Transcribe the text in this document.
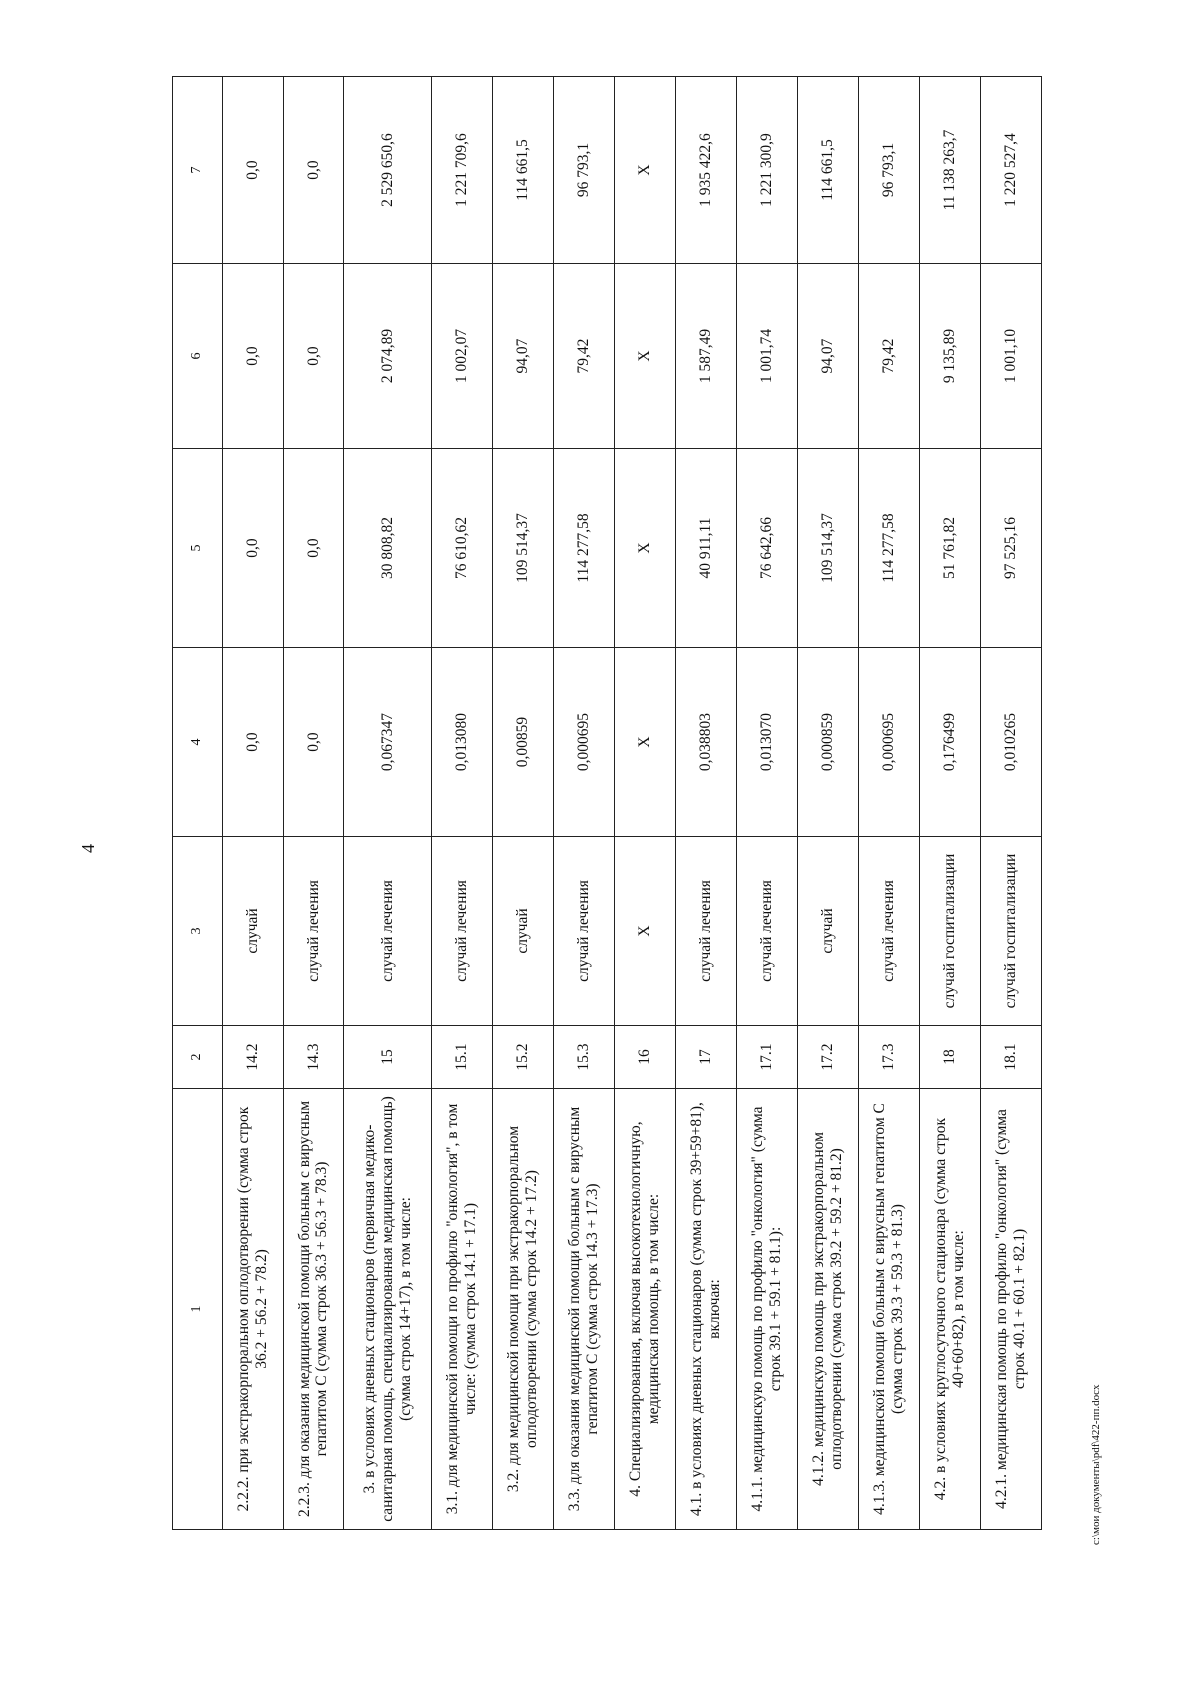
4
1	2	3	4	5	6	7
2.2.2. при экстракорпоральном оплодотворении (сумма строк 36.2 + 56.2 + 78.2)	14.2	случай	0,0	0,0	0,0	0,0
2.2.3. для оказания медицинской помощи больным с вирусным гепатитом С (сумма строк 36.3 + 56.3 + 78.3)	14.3	случай лечения	0,0	0,0	0,0	0,0
3. в условиях дневных стационаров (первичная медико-санитарная помощь, специализированная медицинская помощь) (сумма строк 14+17), в том числе:	15	случай лечения	0,067347	30 808,82	2 074,89	2 529 650,6
3.1. для медицинской помощи по профилю "онкология", в том числе: (сумма строк 14.1 + 17.1)	15.1	случай лечения	0,013080	76 610,62	1 002,07	1 221 709,6
3.2. для медицинской помощи при экстракорпоральном оплодотворении (сумма строк 14.2 + 17.2)	15.2	случай	0,00859	109 514,37	94,07	114 661,5
3.3. для оказания медицинской помощи больным с вирусным гепатитом С (сумма строк 14.3 + 17.3)	15.3	случай лечения	0,000695	114 277,58	79,42	96 793,1
4. Специализированная, включая высокотехнологичную, медицинская помощь, в том числе:	16	Х	Х	Х	Х	Х
4.1. в условиях дневных стационаров (сумма строк 39+59+81), включая:	17	случай лечения	0,038803	40 911,11	1 587,49	1 935 422,6
4.1.1. медицинскую помощь по профилю "онкология" (сумма строк 39.1 + 59.1 + 81.1):	17.1	случай лечения	0,013070	76 642,66	1 001,74	1 221 300,9
4.1.2. медицинскую помощь при экстракорпоральном оплодотворении (сумма строк 39.2 + 59.2 + 81.2)	17.2	случай	0,000859	109 514,37	94,07	114 661,5
4.1.3. медицинской помощи больным с вирусным гепатитом С (сумма строк 39.3 + 59.3 + 81.3)	17.3	случай лечения	0,000695	114 277,58	79,42	96 793,1
4.2. в условиях круглосуточного стационара (сумма строк 40+60+82), в том числе:	18	случай госпитализации	0,176499	51 761,82	9 135,89	11 138 263,7
4.2.1. медицинская помощь по профилю "онкология" (сумма строк 40.1 + 60.1 + 82.1)	18.1	случай госпитализации	0,010265	97 525,16	1 001,10	1 220 527,4
c:\мои документы\pdf\422-пп.docx
